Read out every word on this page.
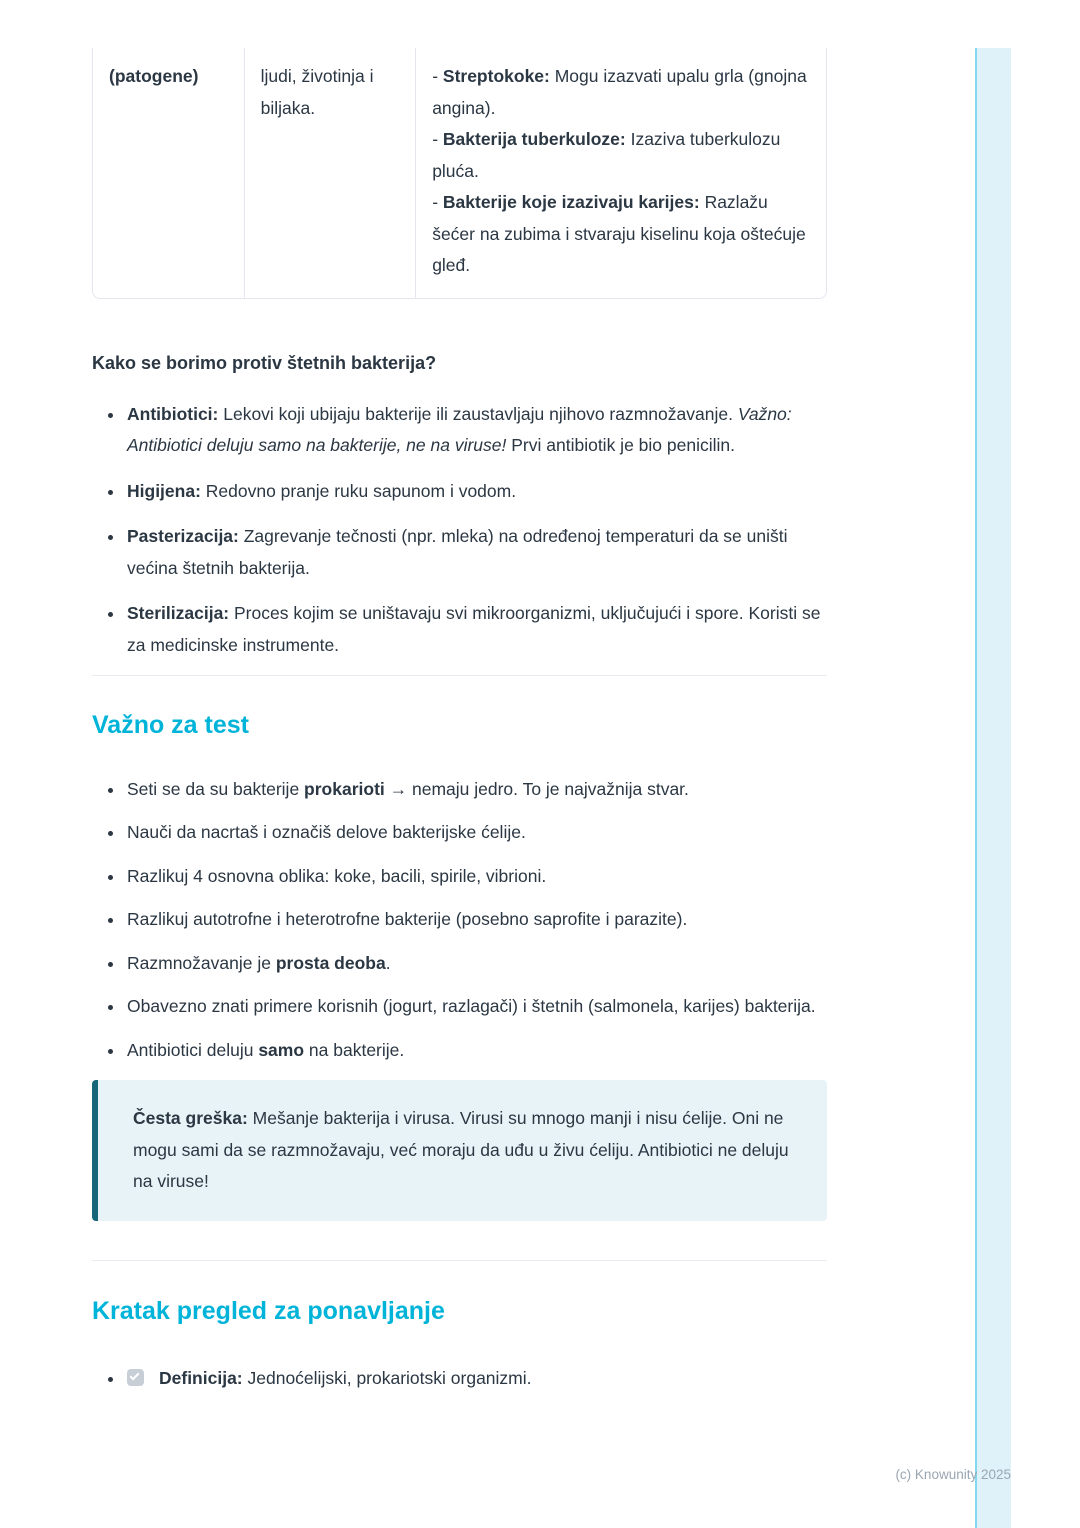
(patogene)	ljudi, životinja i biljaka.
- Streptokoke: Mogu izazvati upalu grla (gnojna angina).
- Bakterija tuberkuloze: Izaziva tuberkulozu pluća.
- Bakterije koje izazivaju karijes: Razlažu šećer na zubima i stvaraju kiselinu koja oštećuje gleđ.
Kako se borimo protiv štetnih bakterija?
• Antibiotici: Lekovi koji ubijaju bakterije ili zaustavljaju njihovo razmnožavanje. Važno: Antibiotici deluju samo na bakterije, ne na viruse! Prvi antibiotik je bio penicilin.
• Higijena: Redovno pranje ruku sapunom i vodom.
• Pasterizacija: Zagrevanje tečnosti (npr. mleka) na određenoj temperaturi da se uništi većina štetnih bakterija.
• Sterilizacija: Proces kojim se uništavaju svi mikroorganizmi, uključujući i spore. Koristi se za medicinske instrumente.
Važno za test
• Seti se da su bakterije prokarioti → nemaju jedro. To je najvažnija stvar.
• Nauči da nacrtaš i označiš delove bakterijske ćelije.
• Razlikuj 4 osnovna oblika: koke, bacili, spirile, vibrioni.
• Razlikuj autotrofne i heterotrofne bakterije (posebno saprofite i parazite).
• Razmnožavanje je prosta deoba.
• Obavezno znati primere korisnih (jogurt, razlagači) i štetnih (salmonela, karijes) bakterija.
• Antibiotici deluju samo na bakterije.
Česta greška: Mešanje bakterija i virusa. Virusi su mnogo manji i nisu ćelije. Oni ne mogu sami da se razmnožavaju, već moraju da uđu u živu ćeliju. Antibiotici ne deluju na viruse!
Kratak pregled za ponavljanje
• Definicija: Jednoćelijski, prokariotski organizmi.
(c) Knowunity 2025
